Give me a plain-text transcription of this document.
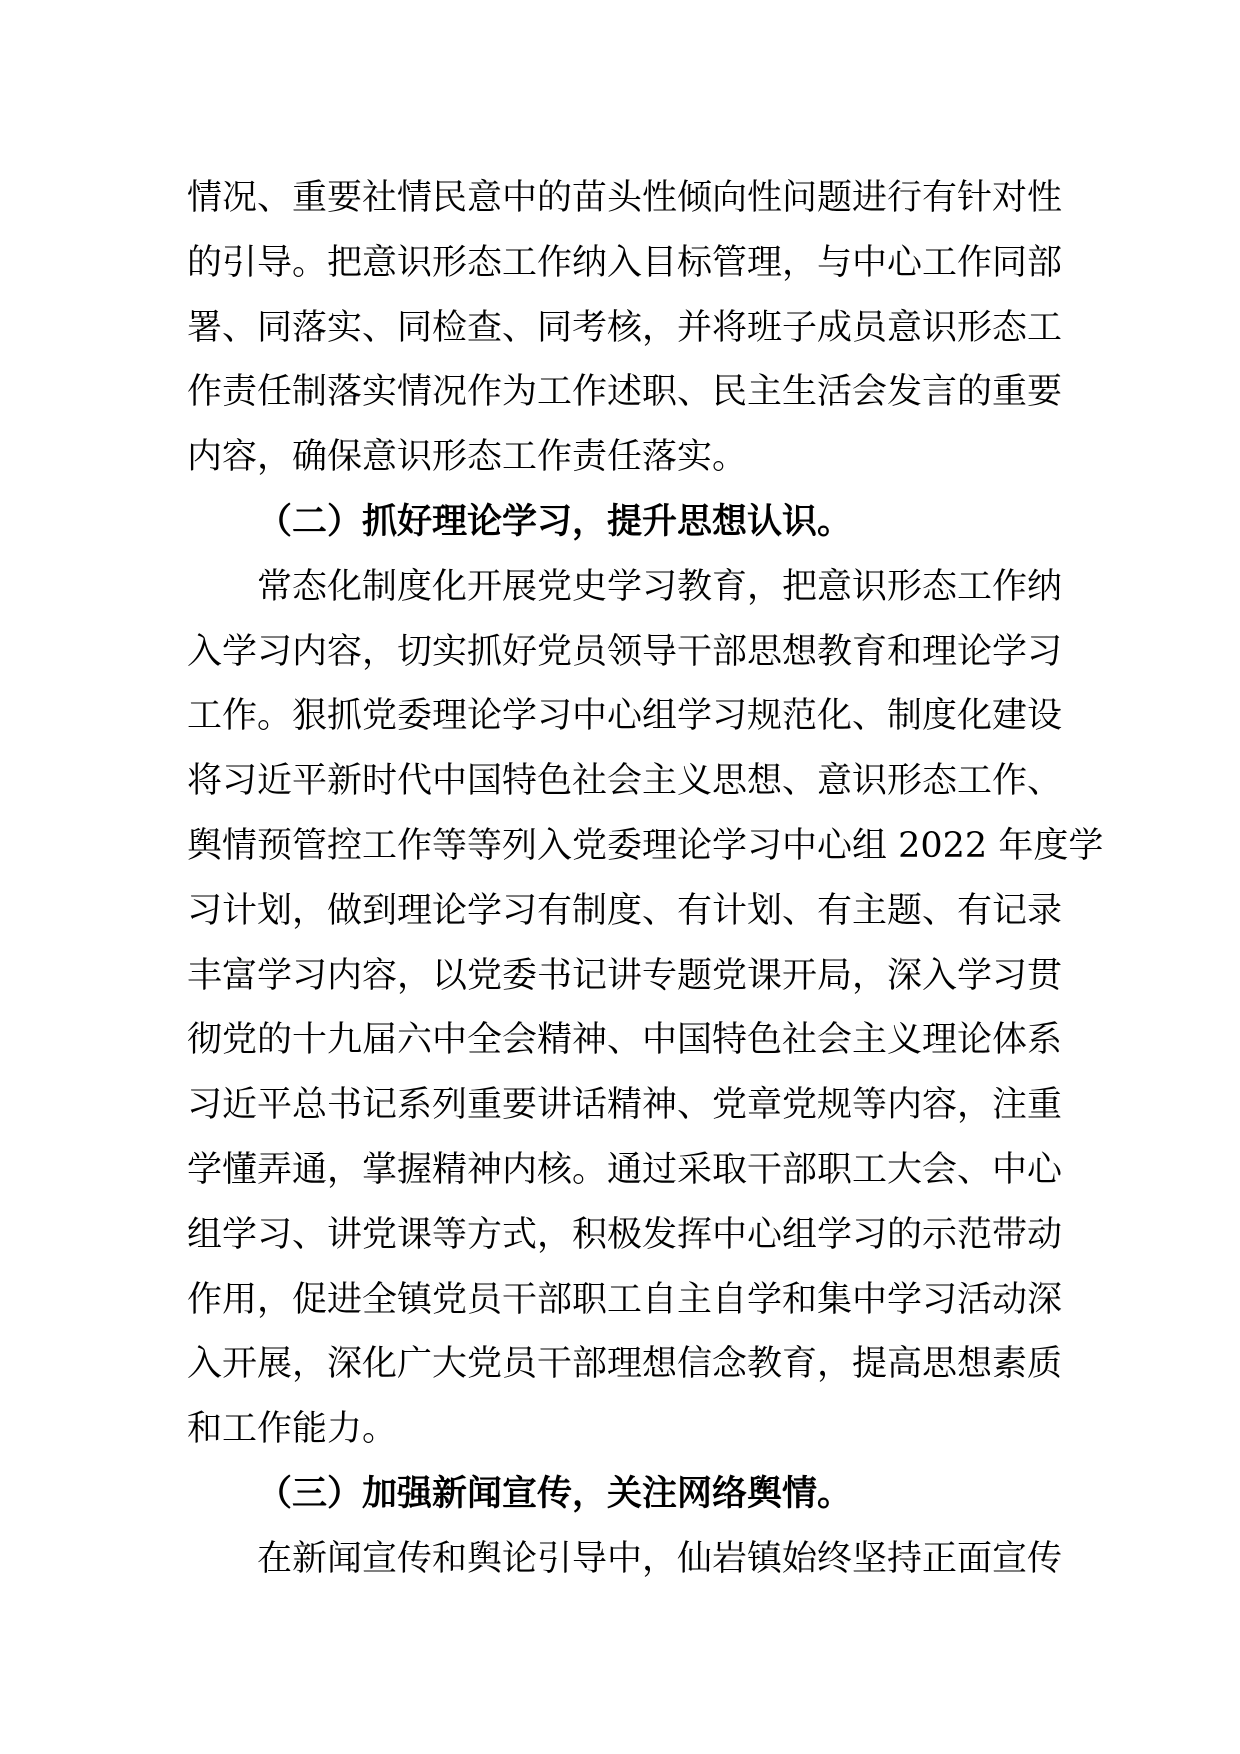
情况、重要社情民意中的苗头性倾向性问题进行有针对性
的引导。把意识形态工作纳入目标管理，与中心工作同部
署、同落实、同检查、同考核，并将班子成员意识形态工
作责任制落实情况作为工作述职、民主生活会发言的重要
内容，确保意识形态工作责任落实。
（二）抓好理论学习，提升思想认识。
常态化制度化开展党史学习教育，把意识形态工作纳
入学习内容，切实抓好党员领导干部思想教育和理论学习
工作。狠抓党委理论学习中心组学习规范化、制度化建设
将习近平新时代中国特色社会主义思想、意识形态工作、
舆情预管控工作等等列入党委理论学习中心组 2022 年度学
习计划，做到理论学习有制度、有计划、有主题、有记录
丰富学习内容，以党委书记讲专题党课开局，深入学习贯
彻党的十九届六中全会精神、中国特色社会主义理论体系
习近平总书记系列重要讲话精神、党章党规等内容，注重
学懂弄通，掌握精神内核。通过采取干部职工大会、中心
组学习、讲党课等方式，积极发挥中心组学习的示范带动
作用，促进全镇党员干部职工自主自学和集中学习活动深
入开展，深化广大党员干部理想信念教育，提高思想素质
和工作能力。
（三）加强新闻宣传，关注网络舆情。
在新闻宣传和舆论引导中，仙岩镇始终坚持正面宣传
